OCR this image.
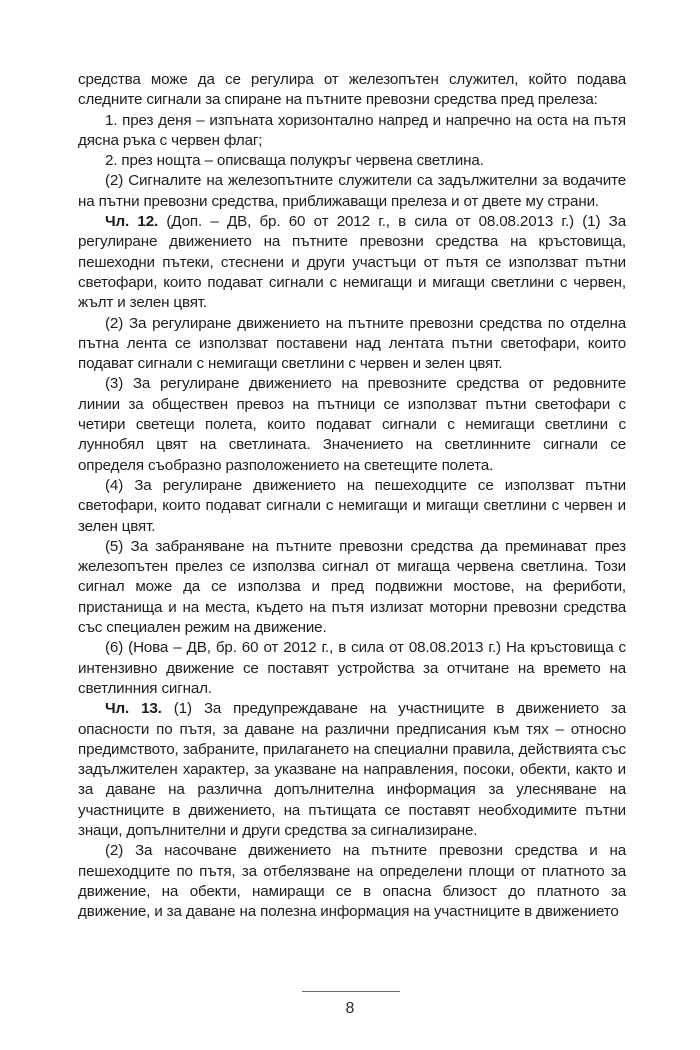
средства може да се регулира от железопътен служител, който подава следните сигнали за спиране на пътните превозни средства пред прелеза:

1. през деня – изпъната хоризонтално напред и напречно на оста на пътя дясна ръка с червен флаг;

2. през нощта – описваща полукръг червена светлина.

(2) Сигналите на железопътните служители са задължителни за водачите на пътни превозни средства, приближаващи прелеза и от двете му страни.

Чл. 12. (Доп. – ДВ, бр. 60 от 2012 г., в сила от 08.08.2013 г.) (1) За регулиране движението на пътните превозни средства на кръстовища, пешеходни пътеки, стеснени и други участъци от пътя се използват пътни светофари, които подават сигнали с немигащи и мигащи светлини с червен, жълт и зелен цвят.

(2) За регулиране движението на пътните превозни средства по отделна пътна лента се използват поставени над лентата пътни светофари, които подават сигнали с немигащи светлини с червен и зелен цвят.

(3) За регулиране движението на превозните средства от редовните линии за обществен превоз на пътници се използват пътни светофари с четири светещи полета, които подават сигнали с немигащи светлини с луннобял цвят на светлината. Значението на светлинните сигнали се определя съобразно разположението на светещите полета.

(4) За регулиране движението на пешеходците се използват пътни светофари, които подават сигнали с немигащи и мигащи светлини с червен и зелен цвят.

(5) За забраняване на пътните превозни средства да преминават през железопътен прелез се използва сигнал от мигаща червена светлина. Този сигнал може да се използва и пред подвижни мостове, на фериботи, пристанища и на места, където на пътя излизат моторни превозни средства със специален режим на движение.

(6) (Нова – ДВ, бр. 60 от 2012 г., в сила от 08.08.2013 г.) На кръстовища с интензивно движение се поставят устройства за отчитане на времето на светлинния сигнал.

Чл. 13. (1) За предупреждаване на участниците в движението за опасности по пътя, за даване на различни предписания към тях – относно предимството, забраните, прилагането на специални правила, действията със задължителен характер, за указване на направления, посоки, обекти, както и за даване на различна допълнителна информация за улесняване на участниците в движението, на пътищата се поставят необходимите пътни знаци, допълнителни и други средства за сигнализиране.

(2) За насочване движението на пътните превозни средства и на пешеходците по пътя, за отбелязване на определени площи от платното за движение, на обекти, намиращи се в опасна близост до платното за движение, и за даване на полезна информация на участниците в движението

8
